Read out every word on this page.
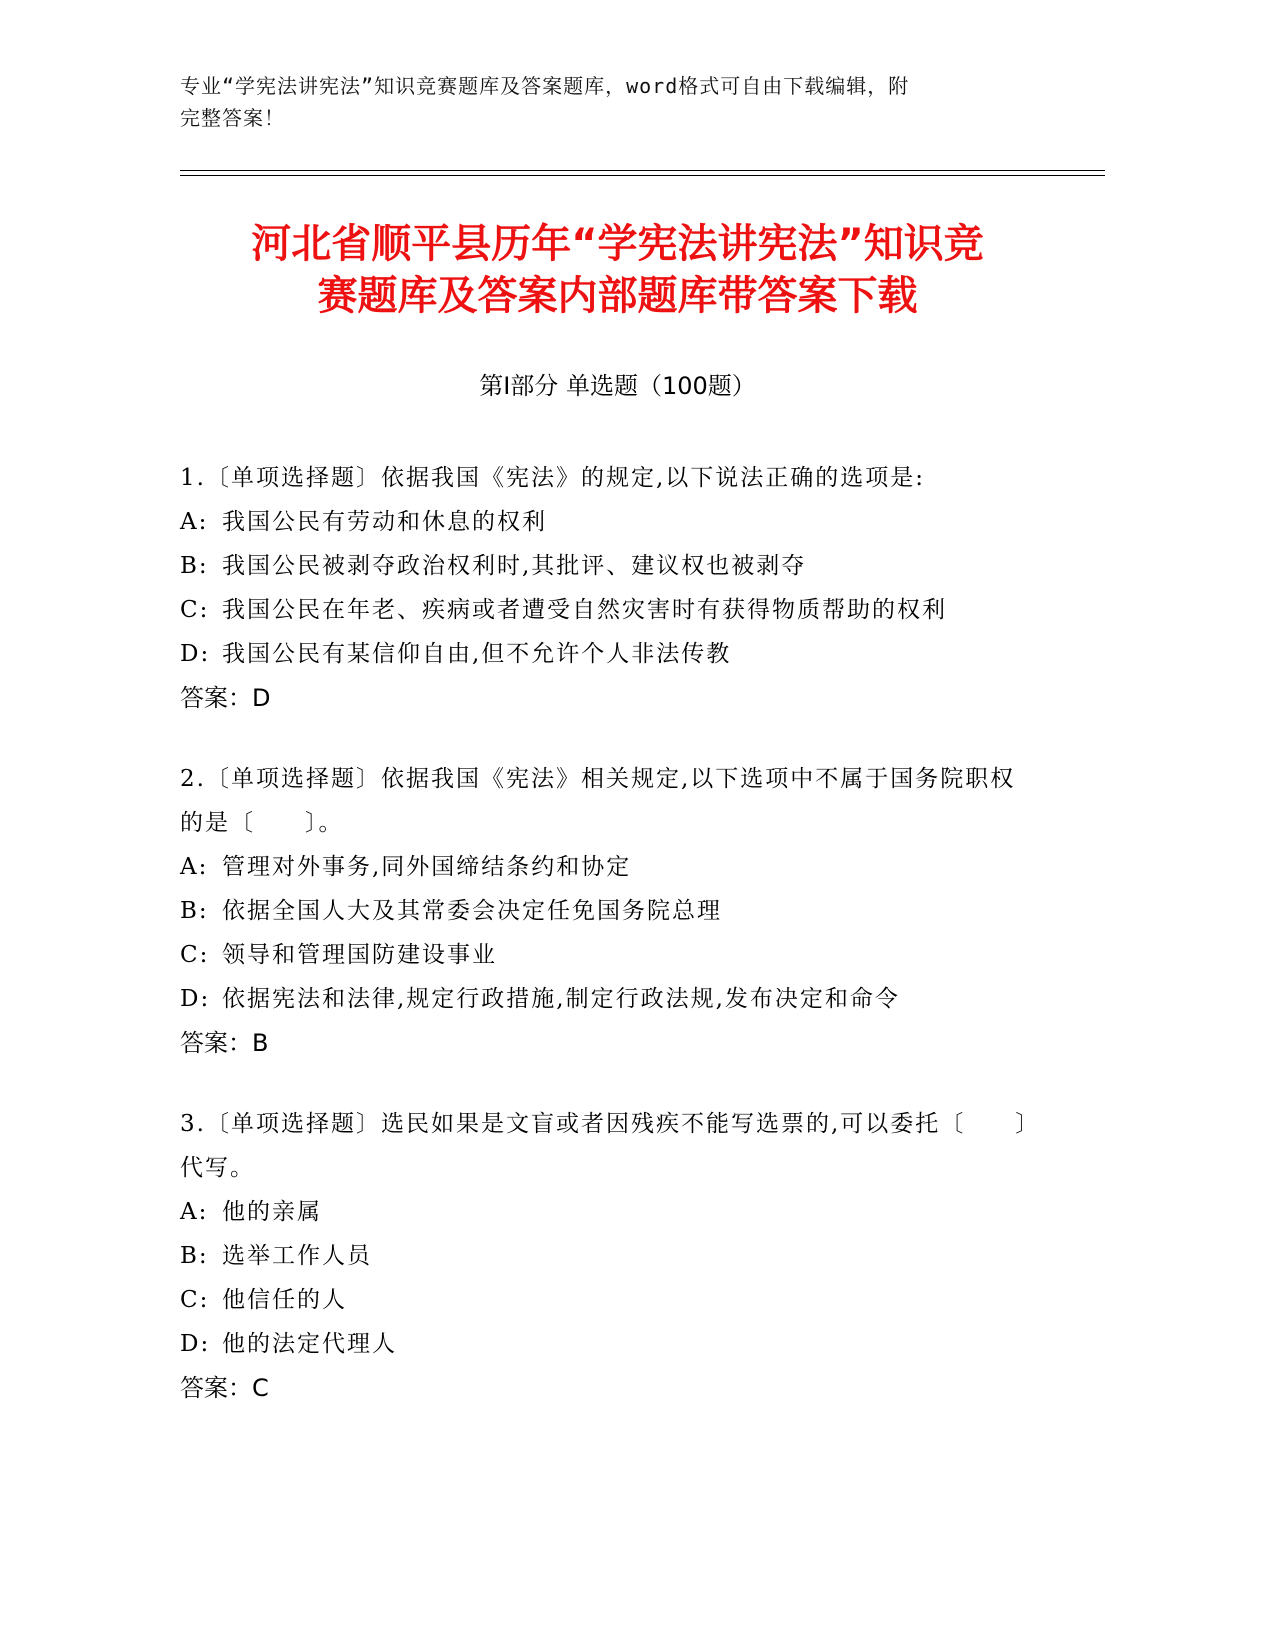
专业“学宪法讲宪法”知识竞赛题库及答案题库，word格式可自由下载编辑，附
完整答案！
河北省顺平县历年“学宪法讲宪法”知识竞
赛题库及答案内部题库带答案下载
第Ⅰ部分 单选题（100题）
1.〔单项选择题〕依据我国《宪法》的规定,以下说法正确的选项是:
A: 我国公民有劳动和休息的权利
B: 我国公民被剥夺政治权利时,其批评、建议权也被剥夺
C: 我国公民在年老、疾病或者遭受自然灾害时有获得物质帮助的权利
D: 我国公民有某信仰自由,但不允许个人非法传教
答案：D
2.〔单项选择题〕依据我国《宪法》相关规定,以下选项中不属于国务院职权的是〔　　〕。
A: 管理对外事务,同外国缔结条约和协定
B: 依据全国人大及其常委会决定任免国务院总理
C: 领导和管理国防建设事业
D: 依据宪法和法律,规定行政措施,制定行政法规,发布决定和命令
答案：B
3.〔单项选择题〕选民如果是文盲或者因残疾不能写选票的,可以委托〔　　〕代写。
A: 他的亲属
B: 选举工作人员
C: 他信任的人
D: 他的法定代理人
答案：C
